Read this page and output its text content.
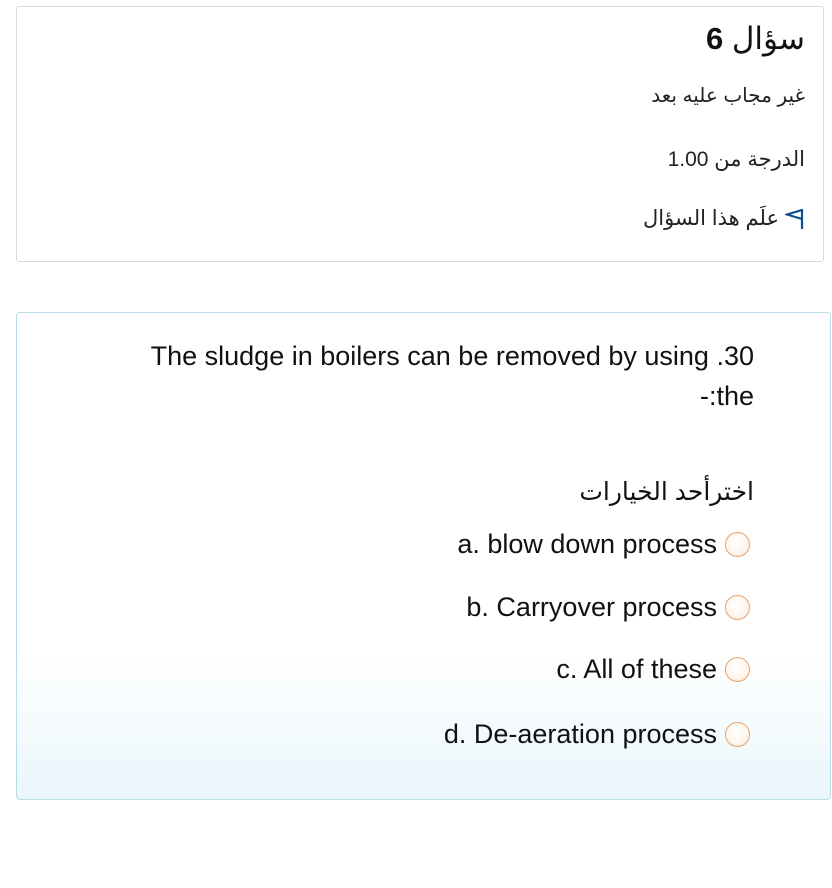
سؤال 6
غير مجاب عليه بعد
الدرجة من 1.00
علَم هذا السؤال
The sludge in boilers can be removed by using .30
-:the
اخترأحد الخيارات
a. blow down process
b. Carryover process
c. All of these
d. De-aeration process
